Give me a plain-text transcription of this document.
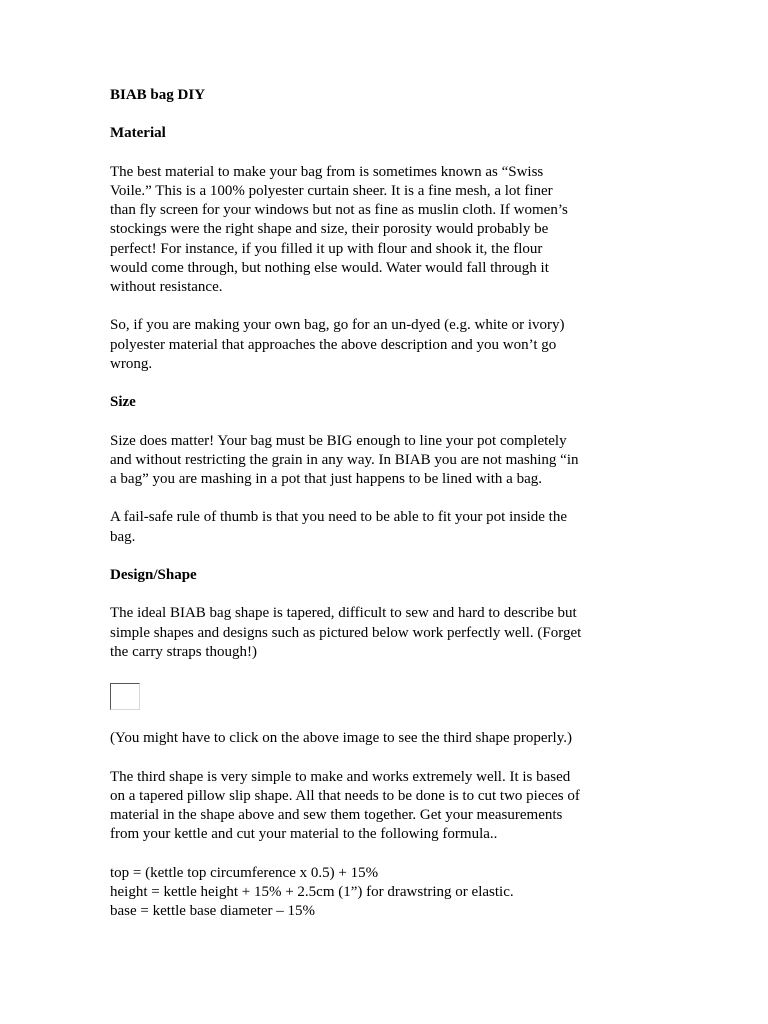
BIAB bag DIY

Material

The best material to make your bag from is sometimes known as “Swiss

Voile.” This is a 100% polyester curtain sheer. It is a fine mesh, a lot finer

than fly screen for your windows but not as fine as muslin cloth. If women’s

stockings were the right shape and size, their porosity would probably be

perfect! For instance, if you filled it up with flour and shook it, the flour

would come through, but nothing else would. Water would fall through it

without resistance.

So, if you are making your own bag, go for an un-dyed (e.g. white or ivory)

polyester material that approaches the above description and you won’t go

wrong.

Size

Size does matter! Your bag must be BIG enough to line your pot completely

and without restricting the grain in any way. In BIAB you are not mashing “in

a bag” you are mashing in a pot that just happens to be lined with a bag.

A fail-safe rule of thumb is that you need to be able to fit your pot inside the

bag.

Design/Shape

The ideal BIAB bag shape is tapered, difficult to sew and hard to describe but

simple shapes and designs such as pictured below work perfectly well. (Forget

the carry straps though!)

(You might have to click on the above image to see the third shape properly.)

The third shape is very simple to make and works extremely well. It is based

on a tapered pillow slip shape. All that needs to be done is to cut two pieces of

material in the shape above and sew them together. Get your measurements

from your kettle and cut your material to the following formula..

top = (kettle top circumference x 0.5) + 15%

height = kettle height + 15% + 2.5cm (1”) for drawstring or elastic.

base = kettle base diameter – 15%
